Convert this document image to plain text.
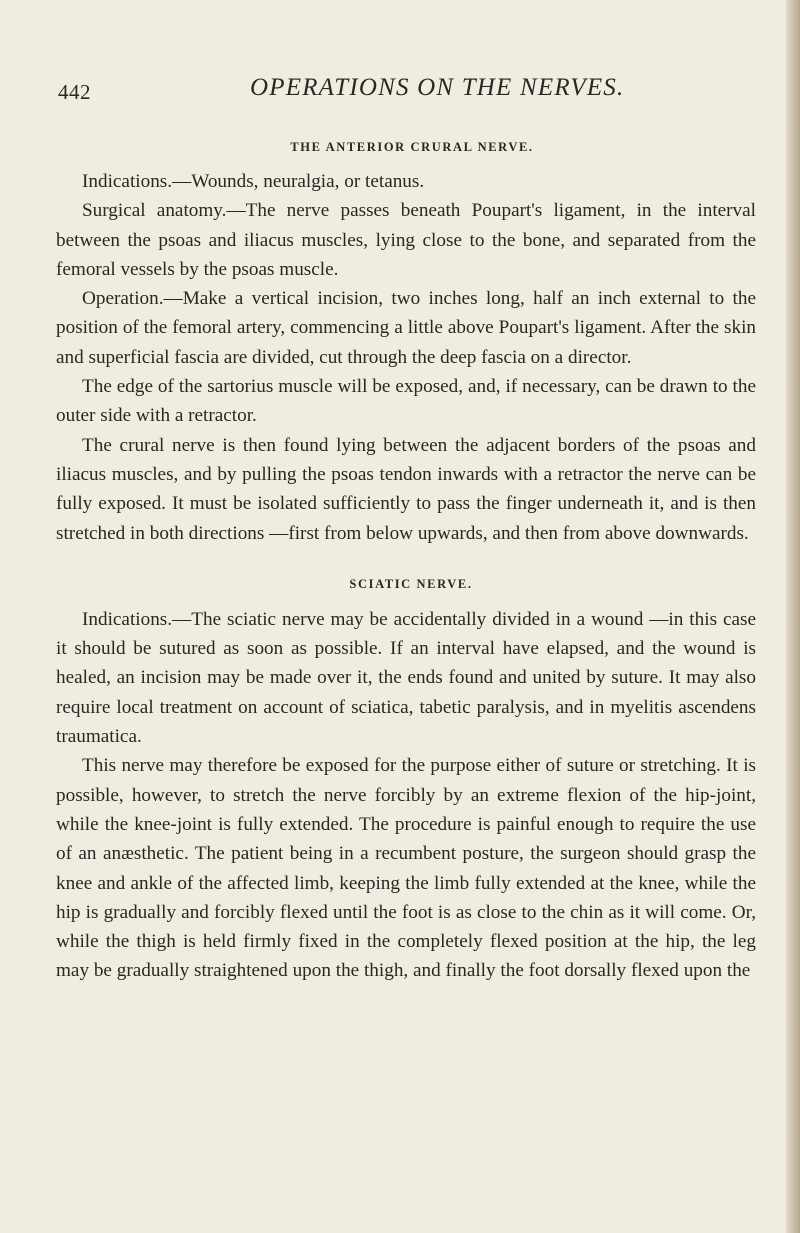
442	OPERATIONS ON THE NERVES.
THE ANTERIOR CRURAL NERVE.

Indications.—Wounds, neuralgia, or tetanus.

Surgical anatomy.—The nerve passes beneath Poupart's ligament, in the interval between the psoas and iliacus muscles, lying close to the bone, and separated from the femoral vessels by the psoas muscle.

Operation.—Make a vertical incision, two inches long, half an inch external to the position of the femoral artery, commencing a little above Poupart's ligament. After the skin and superficial fascia are divided, cut through the deep fascia on a director.

The edge of the sartorius muscle will be exposed, and, if necessary, can be drawn to the outer side with a retractor.

The crural nerve is then found lying between the adjacent borders of the psoas and iliacus muscles, and by pulling the psoas tendon inwards with a retractor the nerve can be fully exposed. It must be isolated sufficiently to pass the finger underneath it, and is then stretched in both directions —first from below upwards, and then from above downwards.

SCIATIC NERVE.

Indications.—The sciatic nerve may be accidentally divided in a wound —in this case it should be sutured as soon as possible. If an interval have elapsed, and the wound is healed, an incision may be made over it, the ends found and united by suture. It may also require local treatment on account of sciatica, tabetic paralysis, and in myelitis ascendens traumatica.

This nerve may therefore be exposed for the purpose either of suture or stretching. It is possible, however, to stretch the nerve forcibly by an extreme flexion of the hip-joint, while the knee-joint is fully extended. The procedure is painful enough to require the use of an anæsthetic. The patient being in a recumbent posture, the surgeon should grasp the knee and ankle of the affected limb, keeping the limb fully extended at the knee, while the hip is gradually and forcibly flexed until the foot is as close to the chin as it will come. Or, while the thigh is held firmly fixed in the completely flexed position at the hip, the leg may be gradually straightened upon the thigh, and finally the foot dorsally flexed upon the
